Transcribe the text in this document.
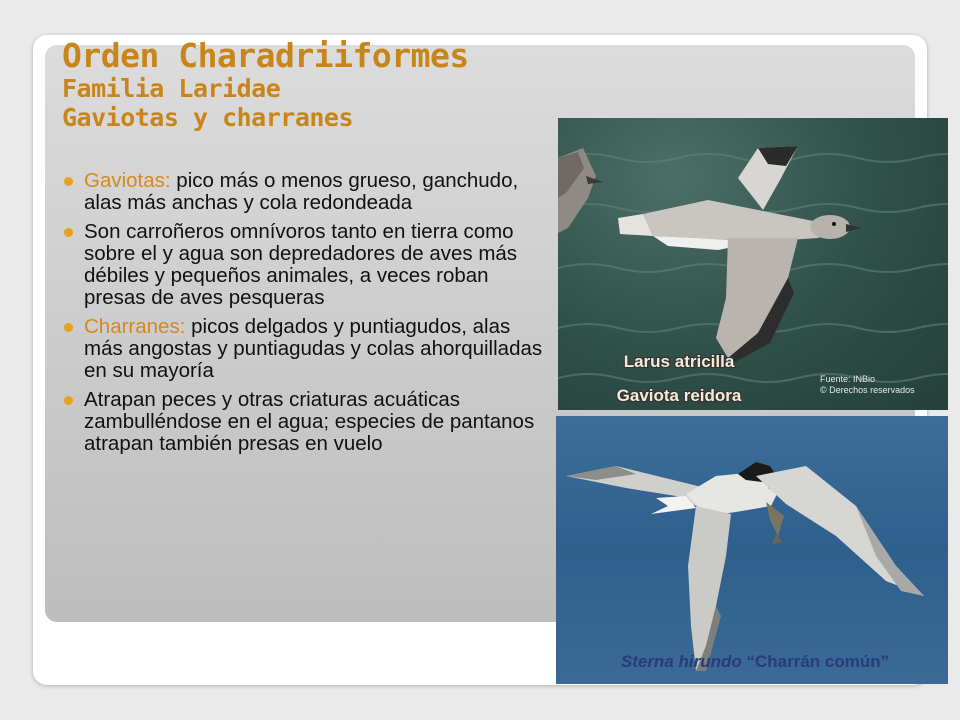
Orden Charadriiformes

Familia Laridae

Gaviotas y charranes

Gaviotas: pico más o menos grueso, ganchudo, alas más anchas y cola redondeada
Son carroñeros omnívoros tanto en tierra como sobre el y agua son depredadores de aves más débiles y pequeños animales, a veces roban presas de aves pesqueras
Charranes: picos delgados y puntiagudos, alas más angostas y puntiagudas y colas ahorquilladas en su mayoría
Atrapan peces y otras criaturas acuáticas zambulléndose en el agua; especies de pantanos atrapan también presas en vuelo
Larus atricilla
Gaviota reidora
Fuente: INBio
© Derechos reservados
Sterna hirundo “Charrán común”
